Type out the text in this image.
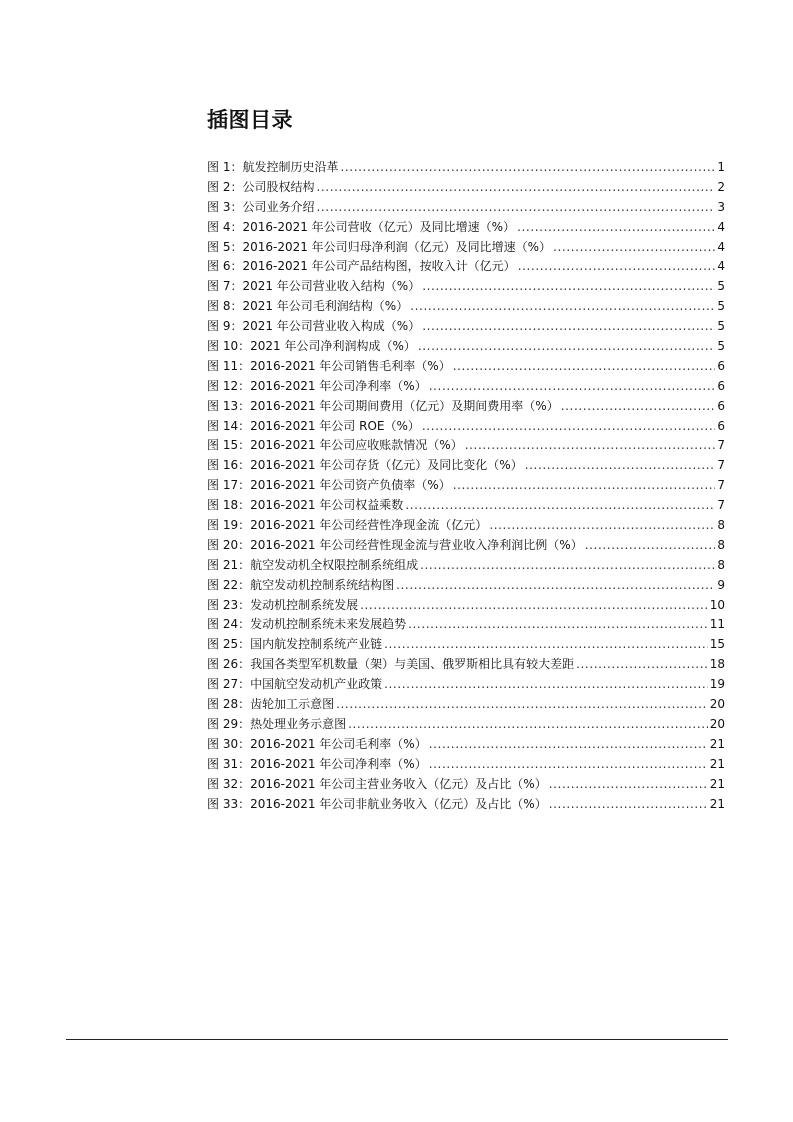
插图目录
图 1：航发控制历史沿革 .....	1
图 2：公司股权结构 .....	2
图 3：公司业务介绍 .....	3
图 4：2016-2021 年公司营收（亿元）及同比增速（%） .....	4
图 5：2016-2021 年公司归母净利润（亿元）及同比增速（%） .....	4
图 6：2016-2021 年公司产品结构图，按收入计（亿元） .....	4
图 7：2021 年公司营业收入结构（%） .....	5
图 8：2021 年公司毛利润结构（%） .....	5
图 9：2021 年公司营业收入构成（%） .....	5
图 10：2021 年公司净利润构成（%） .....	5
图 11：2016-2021 年公司销售毛利率（%） .....	6
图 12：2016-2021 年公司净利率（%） .....	6
图 13：2016-2021 年公司期间费用（亿元）及期间费用率（%） .....	6
图 14：2016-2021 年公司 ROE（%） .....	6
图 15：2016-2021 年公司应收账款情况（%） .....	7
图 16：2016-2021 年公司存货（亿元）及同比变化（%） .....	7
图 17：2016-2021 年公司资产负债率（%） .....	7
图 18：2016-2021 年公司权益乘数 .....	7
图 19：2016-2021 年公司经营性净现金流（亿元） .....	8
图 20：2016-2021 年公司经营性现金流与营业收入净利润比例（%） .....	8
图 21：航空发动机全权限控制系统组成 .....	8
图 22：航空发动机控制系统结构图 .....	9
图 23：发动机控制系统发展 .....	10
图 24：发动机控制系统未来发展趋势 .....	11
图 25：国内航发控制系统产业链 .....	15
图 26：我国各类型军机数量（架）与美国、俄罗斯相比具有较大差距 .....	18
图 27：中国航空发动机产业政策 .....	19
图 28：齿轮加工示意图 .....	20
图 29：热处理业务示意图 .....	20
图 30：2016-2021 年公司毛利率（%） .....	21
图 31：2016-2021 年公司净利率（%） .....	21
图 32：2016-2021 年公司主营业务收入（亿元）及占比（%） .....	21
图 33：2016-2021 年公司非航业务收入（亿元）及占比（%） .....	21
